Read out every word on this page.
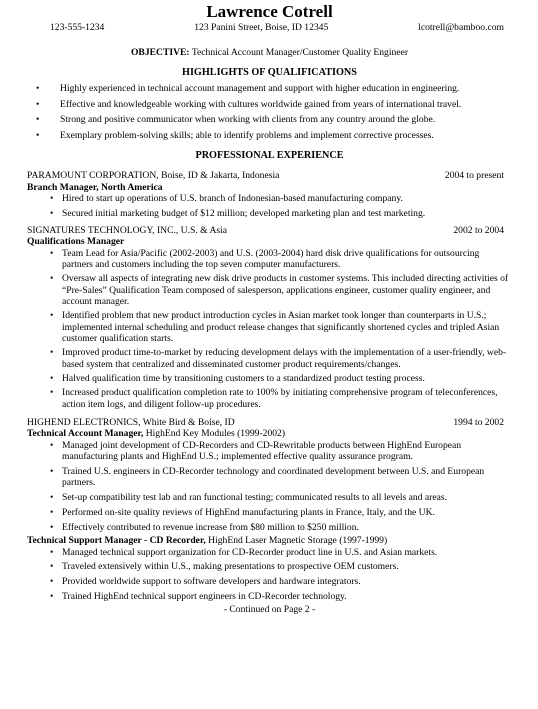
Lawrence Cotrell
123-555-1234	123 Panini Street, Boise, ID 12345	lcotrell@bamboo.com
OBJECTIVE: Technical Account Manager/Customer Quality Engineer
HIGHLIGHTS OF QUALIFICATIONS
• Highly experienced in technical account management and support with higher education in engineering.
• Effective and knowledgeable working with cultures worldwide gained from years of international travel.
• Strong and positive communicator when working with clients from any country around the globe.
• Exemplary problem-solving skills; able to identify problems and implement corrective processes.
PROFESSIONAL EXPERIENCE
PARAMOUNT CORPORATION, Boise, ID & Jakarta, Indonesia	2004 to present
Branch Manager, North America
• Hired to start up operations of U.S. branch of Indonesian-based manufacturing company.
• Secured initial marketing budget of $12 million; developed marketing plan and test marketing.
SIGNATURES TECHNOLOGY, INC., U.S. & Asia	2002 to 2004
Qualifications Manager
• Team Lead for Asia/Pacific (2002-2003) and U.S. (2003-2004) hard disk drive qualifications for outsourcing partners and customers including the top seven computer manufacturers.
• Oversaw all aspects of integrating new disk drive products in customer systems. This included directing activities of “Pre-Sales” Qualification Team composed of salesperson, applications engineer, customer quality engineer, and account manager.
• Identified problem that new product introduction cycles in Asian market took longer than counterparts in U.S.; implemented internal scheduling and product release changes that significantly shortened cycles and tripled Asian customer qualification starts.
• Improved product time-to-market by reducing development delays with the implementation of a user-friendly, web-based system that centralized and disseminated customer product requirements/changes.
• Halved qualification time by transitioning customers to a standardized product testing process.
• Increased product qualification completion rate to 100% by initiating comprehensive program of teleconferences, action item logs, and diligent follow-up procedures.
HIGHEND ELECTRONICS, White Bird & Boise, ID	1994 to 2002
Technical Account Manager, HighEnd Key Modules (1999-2002)
• Managed joint development of CD-Recorders and CD-Rewritable products between HighEnd European manufacturing plants and HighEnd U.S.; implemented effective quality assurance program.
• Trained U.S. engineers in CD-Recorder technology and coordinated development between U.S. and European partners.
• Set-up compatibility test lab and ran functional testing; communicated results to all levels and areas.
• Performed on-site quality reviews of HighEnd manufacturing plants in France, Italy, and the UK.
• Effectively contributed to revenue increase from $80 million to $250 million.
Technical Support Manager - CD Recorder, HighEnd Laser Magnetic Storage (1997-1999)
• Managed technical support organization for CD-Recorder product line in U.S. and Asian markets.
• Traveled extensively within U.S., making presentations to prospective OEM customers.
• Provided worldwide support to software developers and hardware integrators.
• Trained HighEnd technical support engineers in CD-Recorder technology.
- Continued on Page 2 -
